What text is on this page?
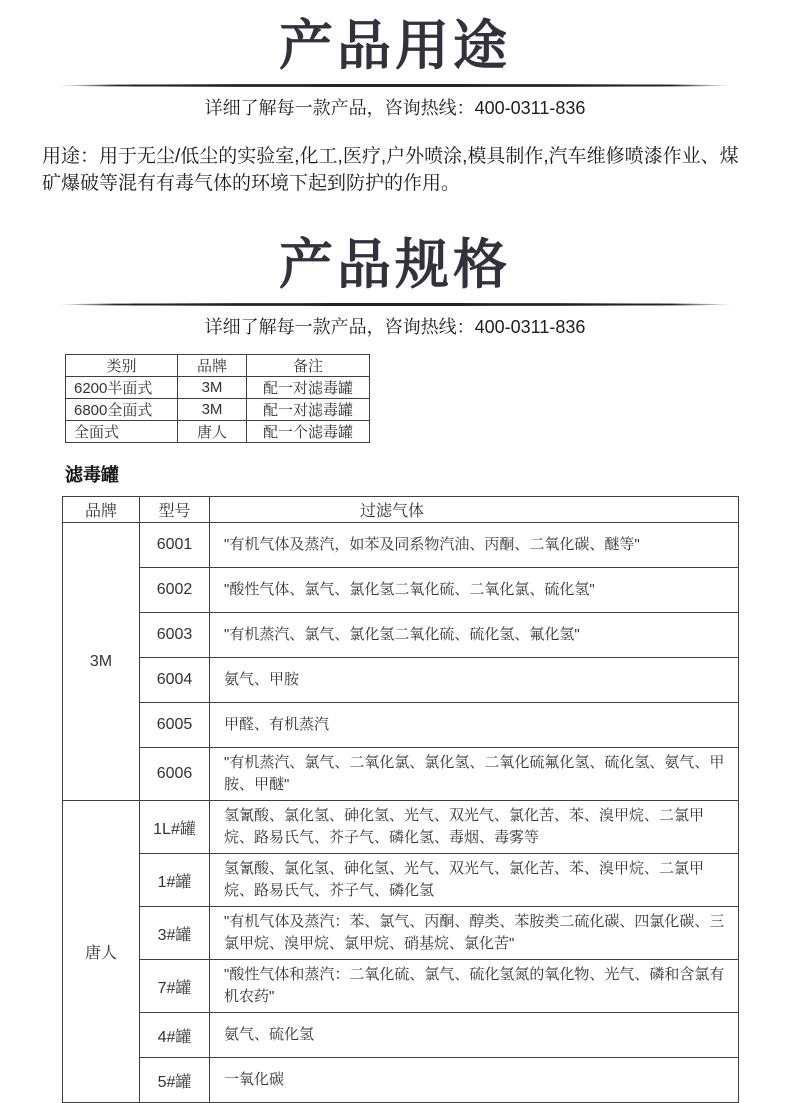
产品用途

详细了解每一款产品，咨询热线：400-0311-836

用途：用于无尘/低尘的实验室,化工,医疗,户外喷涂,模具制作,汽车维修喷漆作业、煤矿爆破等混有有毒气体的环境下起到防护的作用。

产品规格

详细了解每一款产品，咨询热线：400-0311-836

类别	品牌	备注
6200半面式	3M	配一对滤毒罐
6800全面式	3M	配一对滤毒罐
全面式	唐人	配一个滤毒罐
滤毒罐
品牌	型号	过滤气体
3M	6001	"有机气体及蒸汽，如苯及同系物汽油、丙酮、二氧化碳、醚等"
	6002	"酸性气体、氯气、氯化氢二氧化硫、二氧化氯、硫化氢"
	6003	"有机蒸汽、氯气、氯化氢二氧化硫、硫化氢、氟化氢"
	6004	氨气、甲胺
	6005	甲醛、有机蒸汽
	6006	"有机蒸汽、氯气、二氧化氯、氯化氢、二氧化硫氟化氢、硫化氢、氨气、甲胺、甲醚"
唐人	1L#罐	氢氰酸、氯化氢、砷化氢、光气、双光气、氯化苦、苯、溴甲烷、二氯甲烷、路易氏气、芥子气、磷化氢、毒烟、毒雾等
	1#罐	氢氰酸、氯化氢、砷化氢、光气、双光气、氯化苦、苯、溴甲烷、二氯甲烷、路易氏气、芥子气、磷化氢
	3#罐	"有机气体及蒸汽：苯、氯气、丙酮、醇类、苯胺类二硫化碳、四氯化碳、三氯甲烷、溴甲烷、氯甲烷、硝基烷、氯化苦"
	7#罐	"酸性气体和蒸汽：二氧化硫、氯气、硫化氢氮的氧化物、光气、磷和含氯有机农药"
	4#罐	氨气、硫化氢
	5#罐	一氧化碳
